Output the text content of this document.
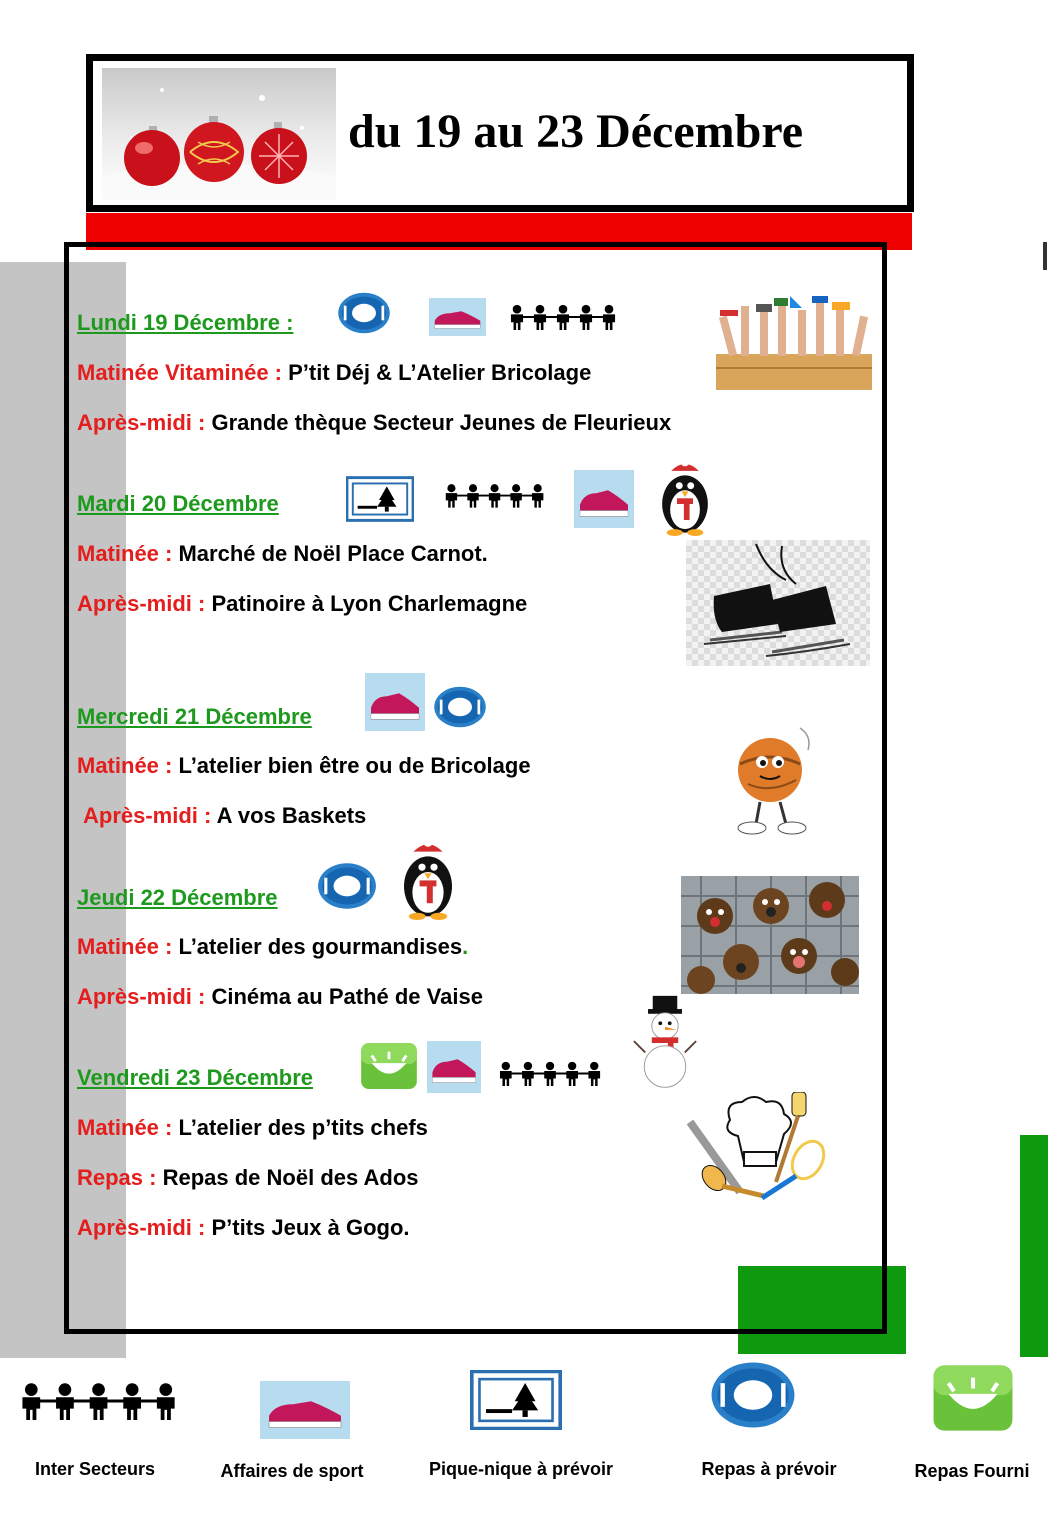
du 19 au 23 Décembre
Lundi 19 Décembre :
Matinée Vitaminée : P’tit Déj & L’Atelier Bricolage
Après-midi : Grande thèque Secteur Jeunes de Fleurieux
Mardi 20 Décembre
Matinée : Marché de Noël Place Carnot.
Après-midi : Patinoire à Lyon Charlemagne
Mercredi 21 Décembre
Matinée : L’atelier bien être ou de Bricolage
Après-midi : A vos Baskets
Jeudi 22 Décembre
Matinée : L’atelier des gourmandises.
Après-midi : Cinéma au Pathé de Vaise
Vendredi 23 Décembre
Matinée : L’atelier des p’tits chefs
Repas : Repas de Noël des Ados
Après-midi : P’tits Jeux à Gogo.
Inter Secteurs	Affaires de sport	Pique-nique à prévoir	Repas à prévoir	Repas Fourni
